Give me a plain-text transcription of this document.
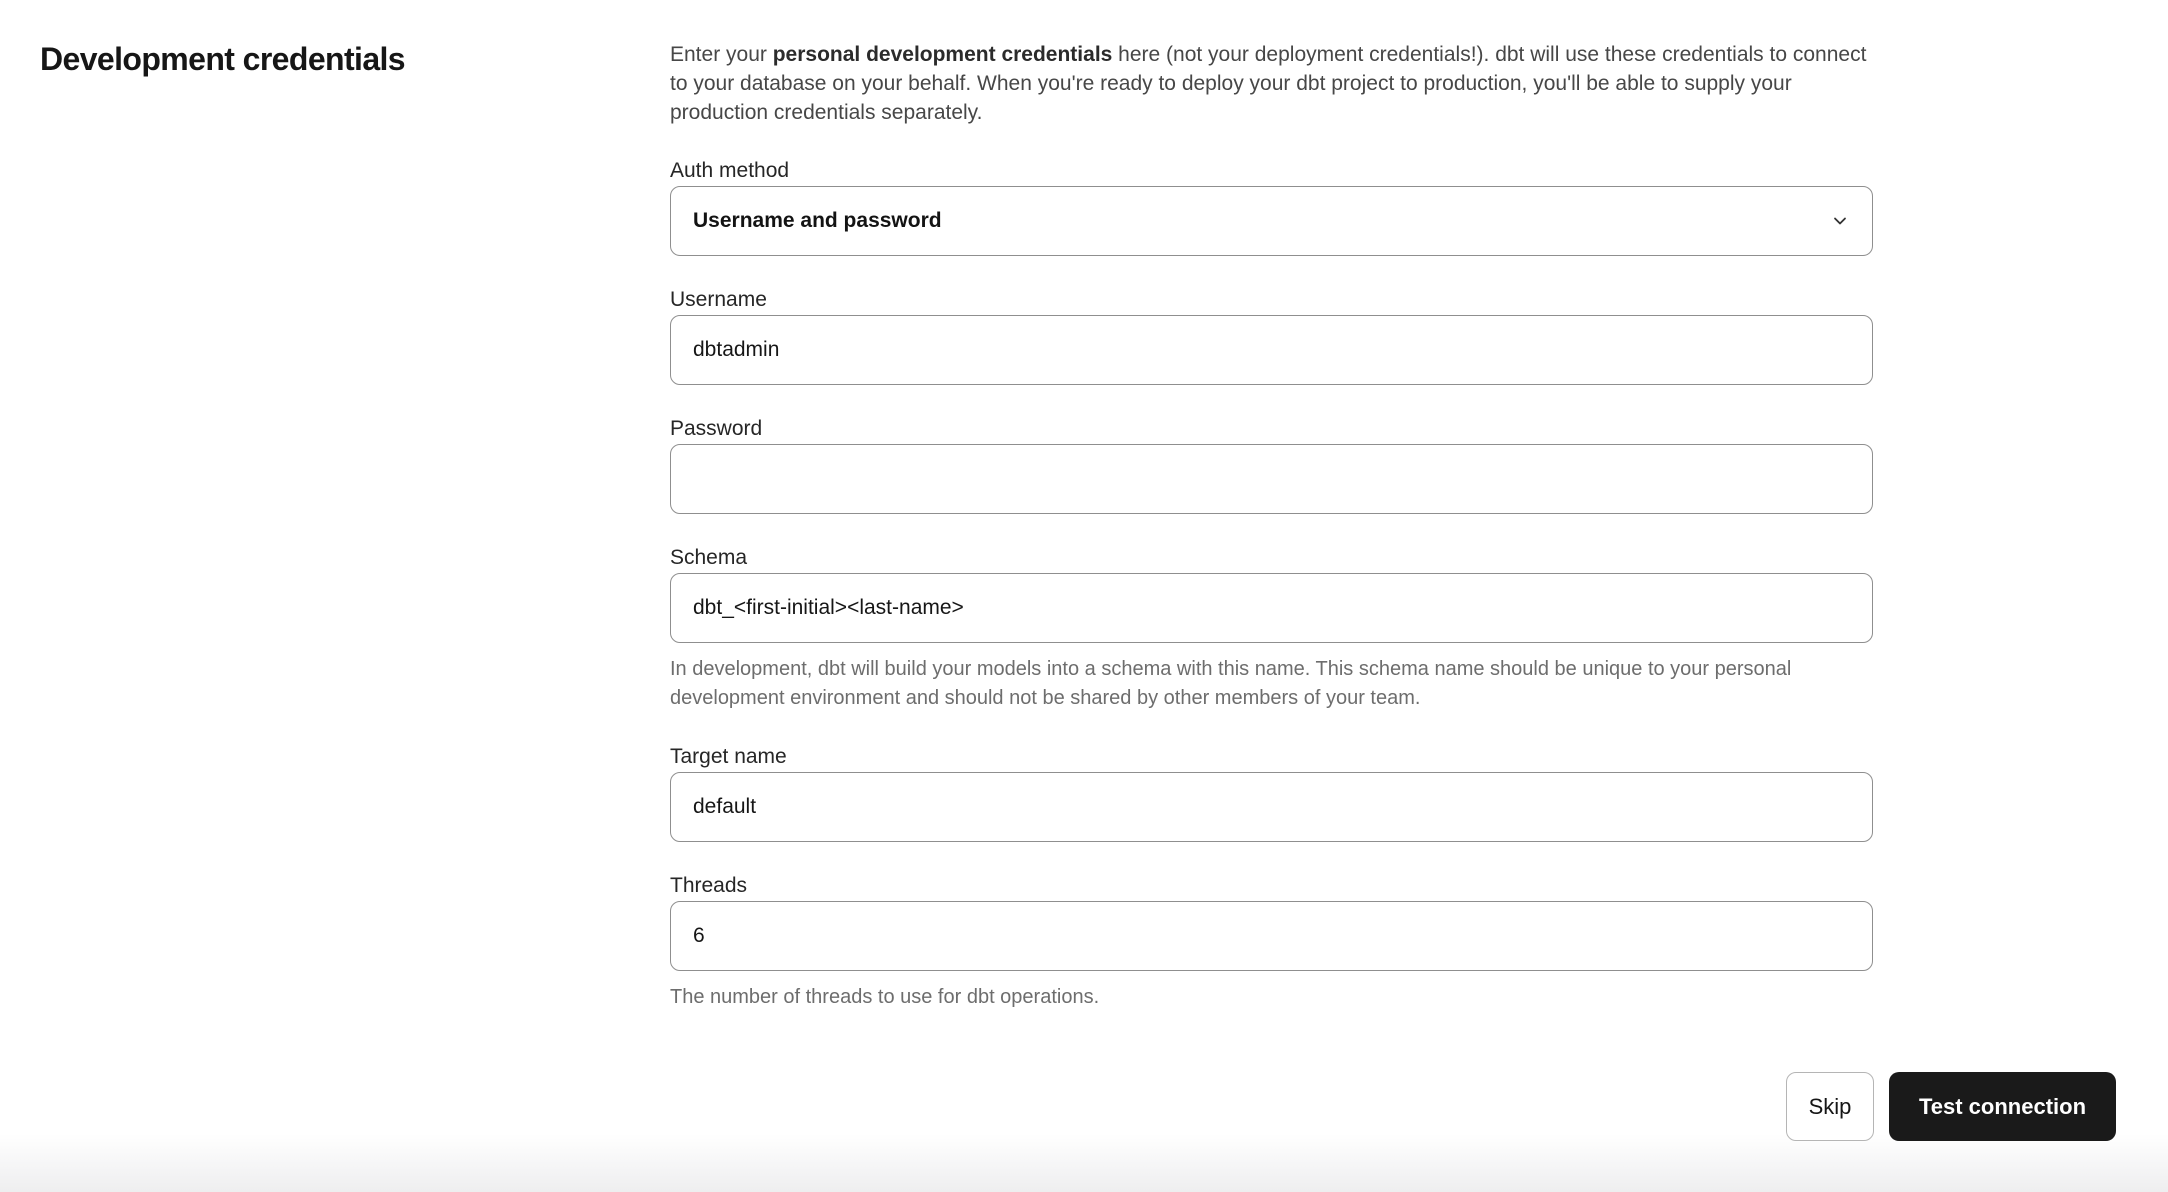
Development credentials	Enter your personal development credentials here (not your deployment credentials!). dbt will use these credentials to connect to your database on your behalf. When you're ready to deploy your dbt project to production, you'll be able to supply your production credentials separately.

Auth method
Username and password
Username
dbtadmin
Password
Schema
dbt_<first-initial><last-name>

In development, dbt will build your models into a schema with this name. This schema name should be unique to your personal development environment and should not be shared by other members of your team.

Target name
default
Threads
6

The number of threads to use for dbt operations.

Skip	Test connection
